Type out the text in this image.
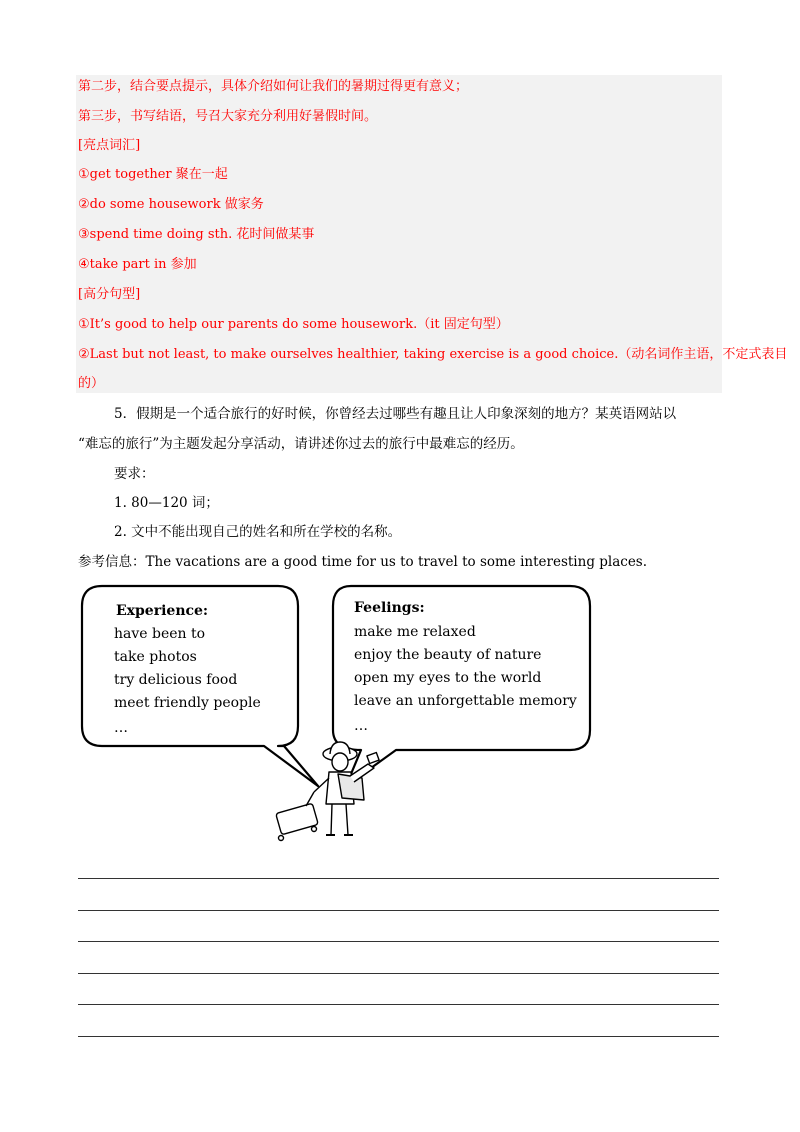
第二步，结合要点提示，具体介绍如何让我们的暑期过得更有意义；
第三步，书写结语，号召大家充分利用好暑假时间。
[亮点词汇]
①get together 聚在一起
②do some housework 做家务
③spend time doing sth. 花时间做某事
④take part in 参加
[高分句型]
①It’s good to help our parents do some housework.（it 固定句型）
②Last but not least, to make ourselves healthier, taking exercise is a good choice.（动名词作主语，不定式表目
的）
5．假期是一个适合旅行的好时候，你曾经去过哪些有趣且让人印象深刻的地方？某英语网站以
“难忘的旅行”为主题发起分享活动，请讲述你过去的旅行中最难忘的经历。
要求：
1. 80—120 词；
2. 文中不能出现自己的姓名和所在学校的名称。
参考信息：The vacations are a good time for us to travel to some interesting places.
Experience:
have been to
take photos
try delicious food
meet friendly people
…
Feelings:
make me relaxed
enjoy the beauty of nature
open my eyes to the world
leave an unforgettable memory
…
